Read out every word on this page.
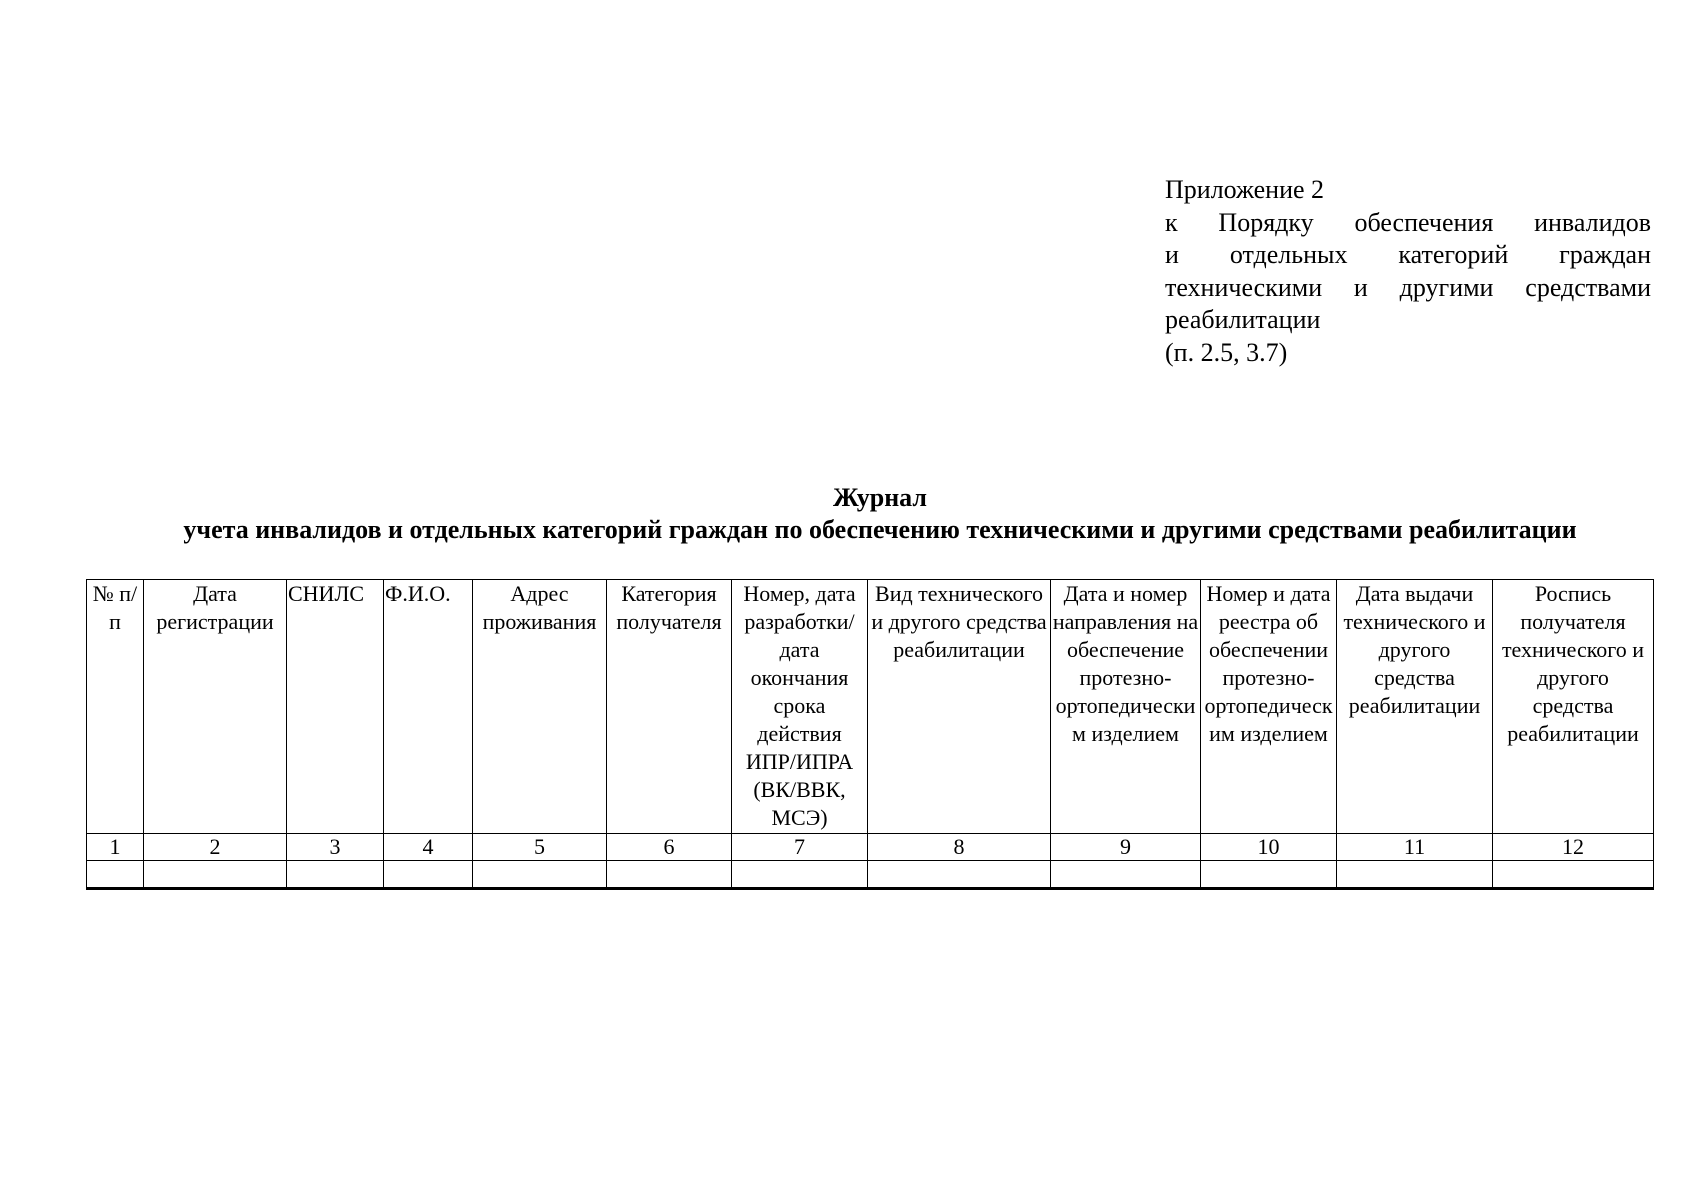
Приложение 2
к Порядку обеспечения инвалидов
и отдельных категорий граждан
техническими и другими средствами
реабилитации
(п. 2.5, 3.7)
Журнал
учета инвалидов и отдельных категорий граждан по обеспечению техническими и другими средствами реабилитации
№ п/п	Дата регистрации	СНИЛС	Ф.И.О.	Адрес проживания	Категория получателя	Номер, дата разработки/ дата окончания срока действия ИПР/ИПРА (ВК/ВВК, МСЭ)	Вид технического и другого средства реабилитации	Дата и номер направления на обеспечение протезно-ортопедическим изделием	Номер и дата реестра об обеспечении протезно-ортопедическим изделием	Дата выдачи технического и другого средства реабилитации	Роспись получателя технического и другого средства реабилитации
1	2	3	4	5	6	7	8	9	10	11	12
